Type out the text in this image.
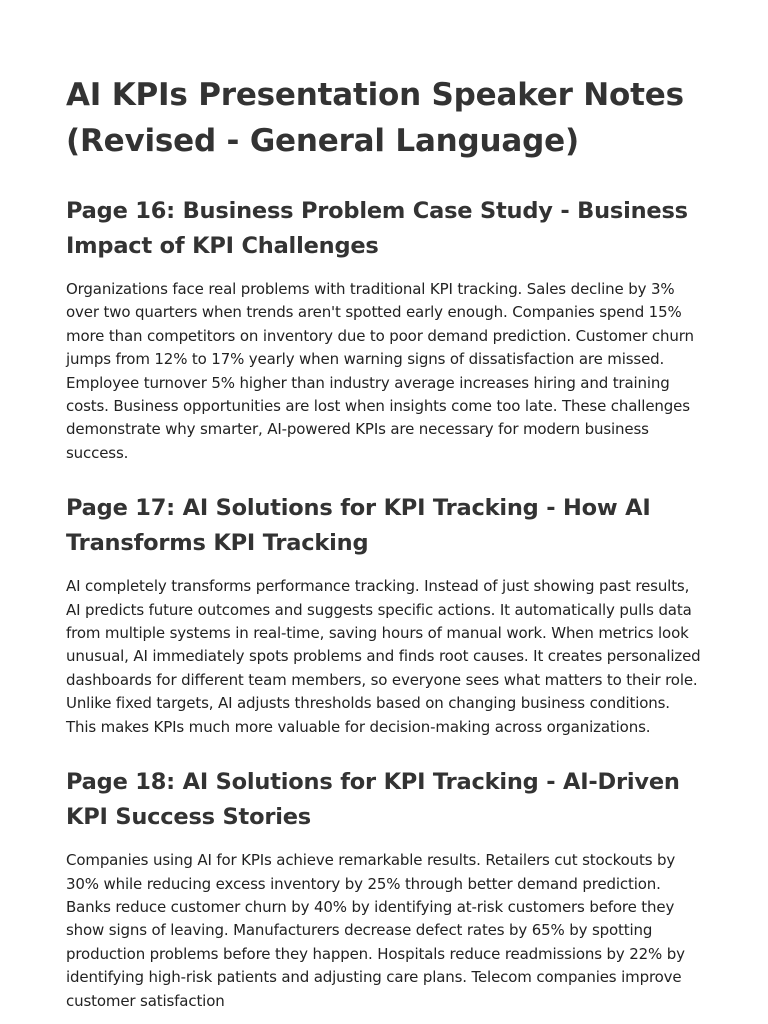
AI KPIs Presentation Speaker Notes (Revised - General Language)
Page 16: Business Problem Case Study - Business Impact of KPI Challenges

Organizations face real problems with traditional KPI tracking. Sales decline by 3% over two quarters when trends aren't spotted early enough. Companies spend 15% more than competitors on inventory due to poor demand prediction. Customer churn jumps from 12% to 17% yearly when warning signs of dissatisfaction are missed. Employee turnover 5% higher than industry average increases hiring and training costs. Business opportunities are lost when insights come too late. These challenges demonstrate why smarter, AI-powered KPIs are necessary for modern business success.

Page 17: AI Solutions for KPI Tracking - How AI Transforms KPI Tracking

AI completely transforms performance tracking. Instead of just showing past results, AI predicts future outcomes and suggests specific actions. It automatically pulls data from multiple systems in real-time, saving hours of manual work. When metrics look unusual, AI immediately spots problems and finds root causes. It creates personalized dashboards for different team members, so everyone sees what matters to their role. Unlike fixed targets, AI adjusts thresholds based on changing business conditions. This makes KPIs much more valuable for decision-making across organizations.

Page 18: AI Solutions for KPI Tracking - AI-Driven KPI Success Stories

Companies using AI for KPIs achieve remarkable results. Retailers cut stockouts by 30% while reducing excess inventory by 25% through better demand prediction. Banks reduce customer churn by 40% by identifying at-risk customers before they show signs of leaving. Manufacturers decrease defect rates by 65% by spotting production problems before they happen. Hospitals reduce readmissions by 22% by identifying high-risk patients and adjusting care plans. Telecom companies improve customer satisfaction
